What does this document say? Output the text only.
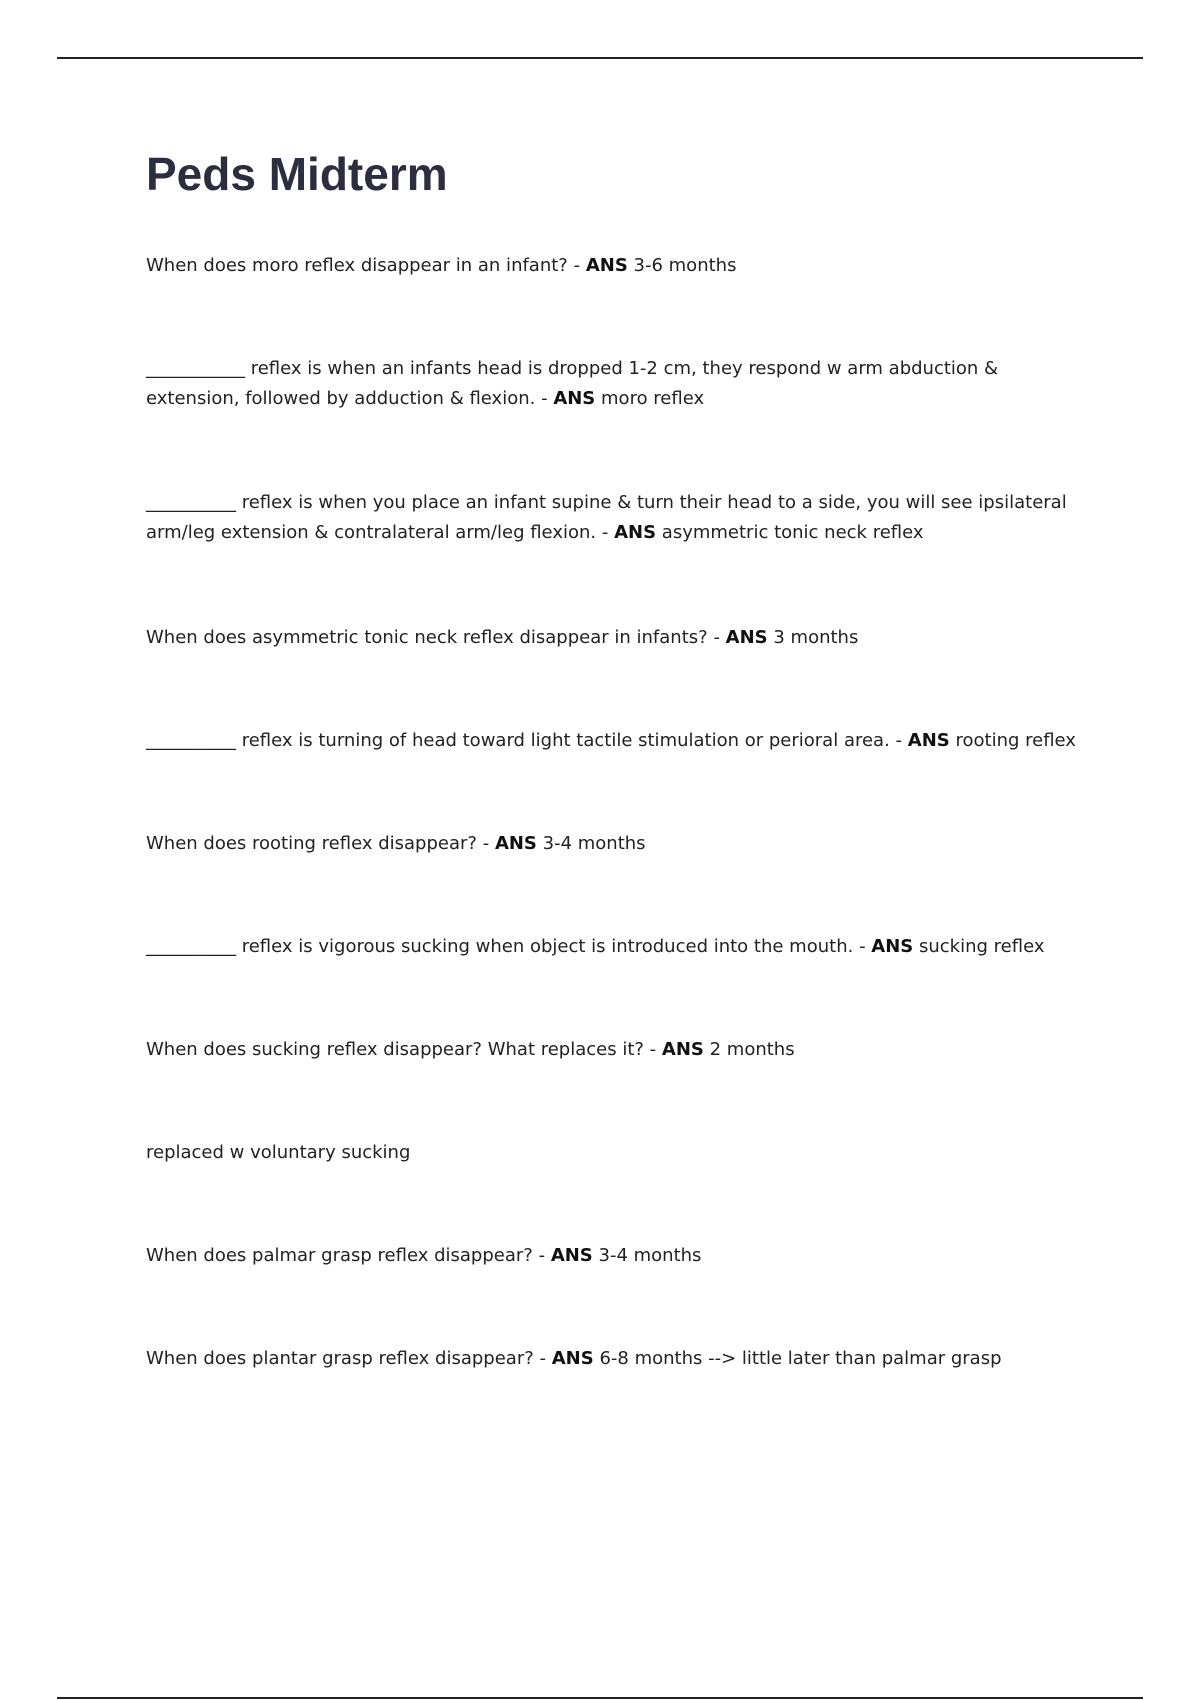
Peds Midterm

When does moro reflex disappear in an infant? - ANS 3-6 months

___________ reflex is when an infants head is dropped 1-2 cm, they respond w arm abduction & extension, followed by adduction & flexion. - ANS moro reflex

__________ reflex is when you place an infant supine & turn their head to a side, you will see ipsilateral arm/leg extension & contralateral arm/leg flexion. - ANS asymmetric tonic neck reflex

When does asymmetric tonic neck reflex disappear in infants? - ANS 3 months

__________ reflex is turning of head toward light tactile stimulation or perioral area. - ANS rooting reflex

When does rooting reflex disappear? - ANS 3-4 months

__________ reflex is vigorous sucking when object is introduced into the mouth. - ANS sucking reflex

When does sucking reflex disappear? What replaces it? - ANS 2 months

replaced w voluntary sucking

When does palmar grasp reflex disappear? - ANS 3-4 months

When does plantar grasp reflex disappear? - ANS 6-8 months --> little later than palmar grasp
